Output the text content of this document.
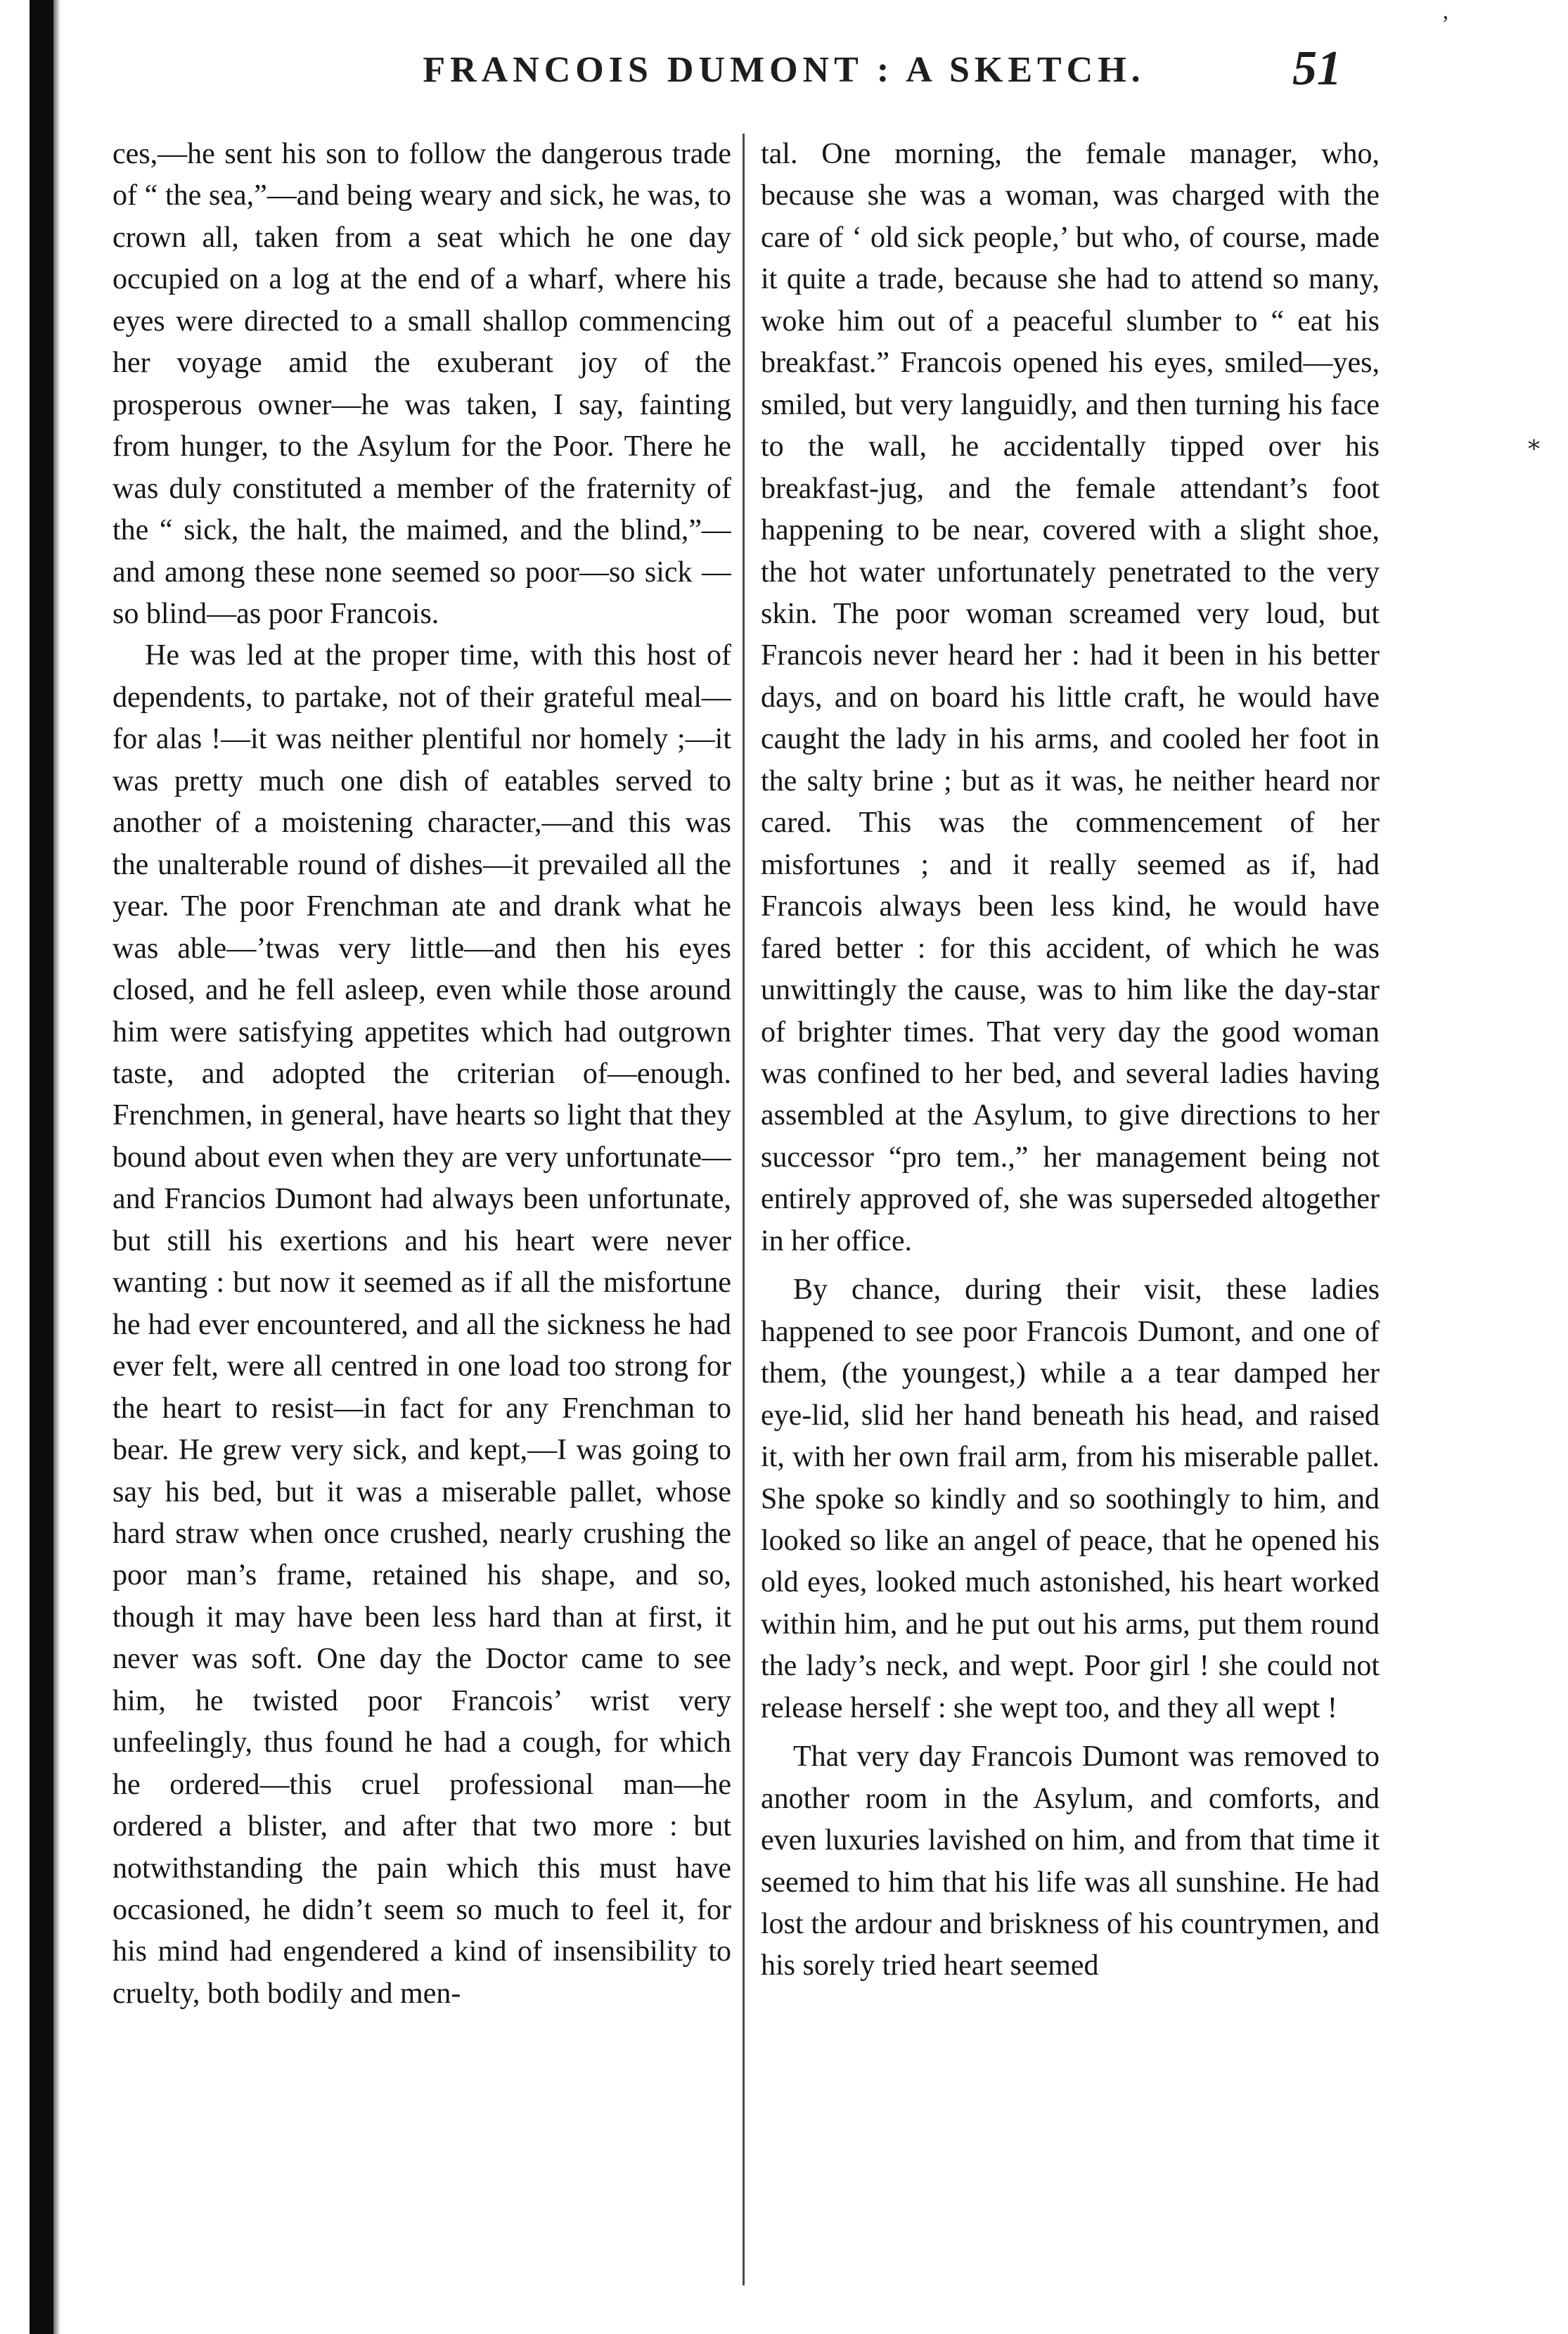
FRANCOIS DUMONT : A SKETCH.	51
’
∗

ces,—he sent his son to follow the dangerous trade of “ the sea,”—and being weary and sick, he was, to crown all, taken from a seat which he one day occupied on a log at the end of a wharf, where his eyes were directed to a small shallop commencing her voyage amid the exuberant joy of the prosperous owner—he was taken, I say, fainting from hunger, to the Asylum for the Poor. There he was duly constituted a member of the fraternity of the “ sick, the halt, the maimed, and the blind,”—and among these none seemed so poor—so sick —so blind—as poor Francois.

He was led at the proper time, with this host of dependents, to partake, not of their grateful meal—for alas !—it was neither plentiful nor homely ;—it was pretty much one dish of eatables served to another of a moistening character,—and this was the unalterable round of dishes—it prevailed all the year. The poor Frenchman ate and drank what he was able—’twas very little—and then his eyes closed, and he fell asleep, even while those around him were satisfying appetites which had outgrown taste, and adopted the criterian of—enough. Frenchmen, in general, have hearts so light that they bound about even when they are very unfortunate—and Francios Dumont had always been unfortunate, but still his exertions and his heart were never wanting : but now it seemed as if all the misfortune he had ever encountered, and all the sickness he had ever felt, were all centred in one load too strong for the heart to resist—in fact for any Frenchman to bear. He grew very sick, and kept,—I was going to say his bed, but it was a miserable pallet, whose hard straw when once crushed, nearly crushing the poor man’s frame, retained his shape, and so, though it may have been less hard than at first, it never was soft. One day the Doctor came to see him, he twisted poor Francois’ wrist very unfeelingly, thus found he had a cough, for which he ordered—this cruel professional man—he ordered a blister, and after that two more : but notwithstanding the pain which this must have occasioned, he didn’t seem so much to feel it, for his mind had engendered a kind of insensibility to cruelty, both bodily and men-

tal. One morning, the female manager, who, because she was a woman, was charged with the care of ‘ old sick people,’ but who, of course, made it quite a trade, because she had to attend so many, woke him out of a peaceful slumber to “ eat his breakfast.” Francois opened his eyes, smiled—yes, smiled, but very languidly, and then turning his face to the wall, he accidentally tipped over his breakfast-jug, and the female attendant’s foot happening to be near, covered with a slight shoe, the hot water unfortunately penetrated to the very skin. The poor woman screamed very loud, but Francois never heard her : had it been in his better days, and on board his little craft, he would have caught the lady in his arms, and cooled her foot in the salty brine ; but as it was, he neither heard nor cared. This was the commencement of her misfortunes ; and it really seemed as if, had Francois always been less kind, he would have fared better : for this accident, of which he was unwittingly the cause, was to him like the day-star of brighter times. That very day the good woman was confined to her bed, and several ladies having assembled at the Asylum, to give directions to her successor “pro tem.,” her management being not entirely approved of, she was superseded altogether in her office.

By chance, during their visit, these ladies happened to see poor Francois Dumont, and one of them, (the youngest,) while a a tear damped her eye-lid, slid her hand beneath his head, and raised it, with her own frail arm, from his miserable pallet. She spoke so kindly and so soothingly to him, and looked so like an angel of peace, that he opened his old eyes, looked much astonished, his heart worked within him, and he put out his arms, put them round the lady’s neck, and wept. Poor girl ! she could not release herself : she wept too, and they all wept !

That very day Francois Dumont was removed to another room in the Asylum, and comforts, and even luxuries lavished on him, and from that time it seemed to him that his life was all sunshine. He had lost the ardour and briskness of his countrymen, and his sorely tried heart seemed
